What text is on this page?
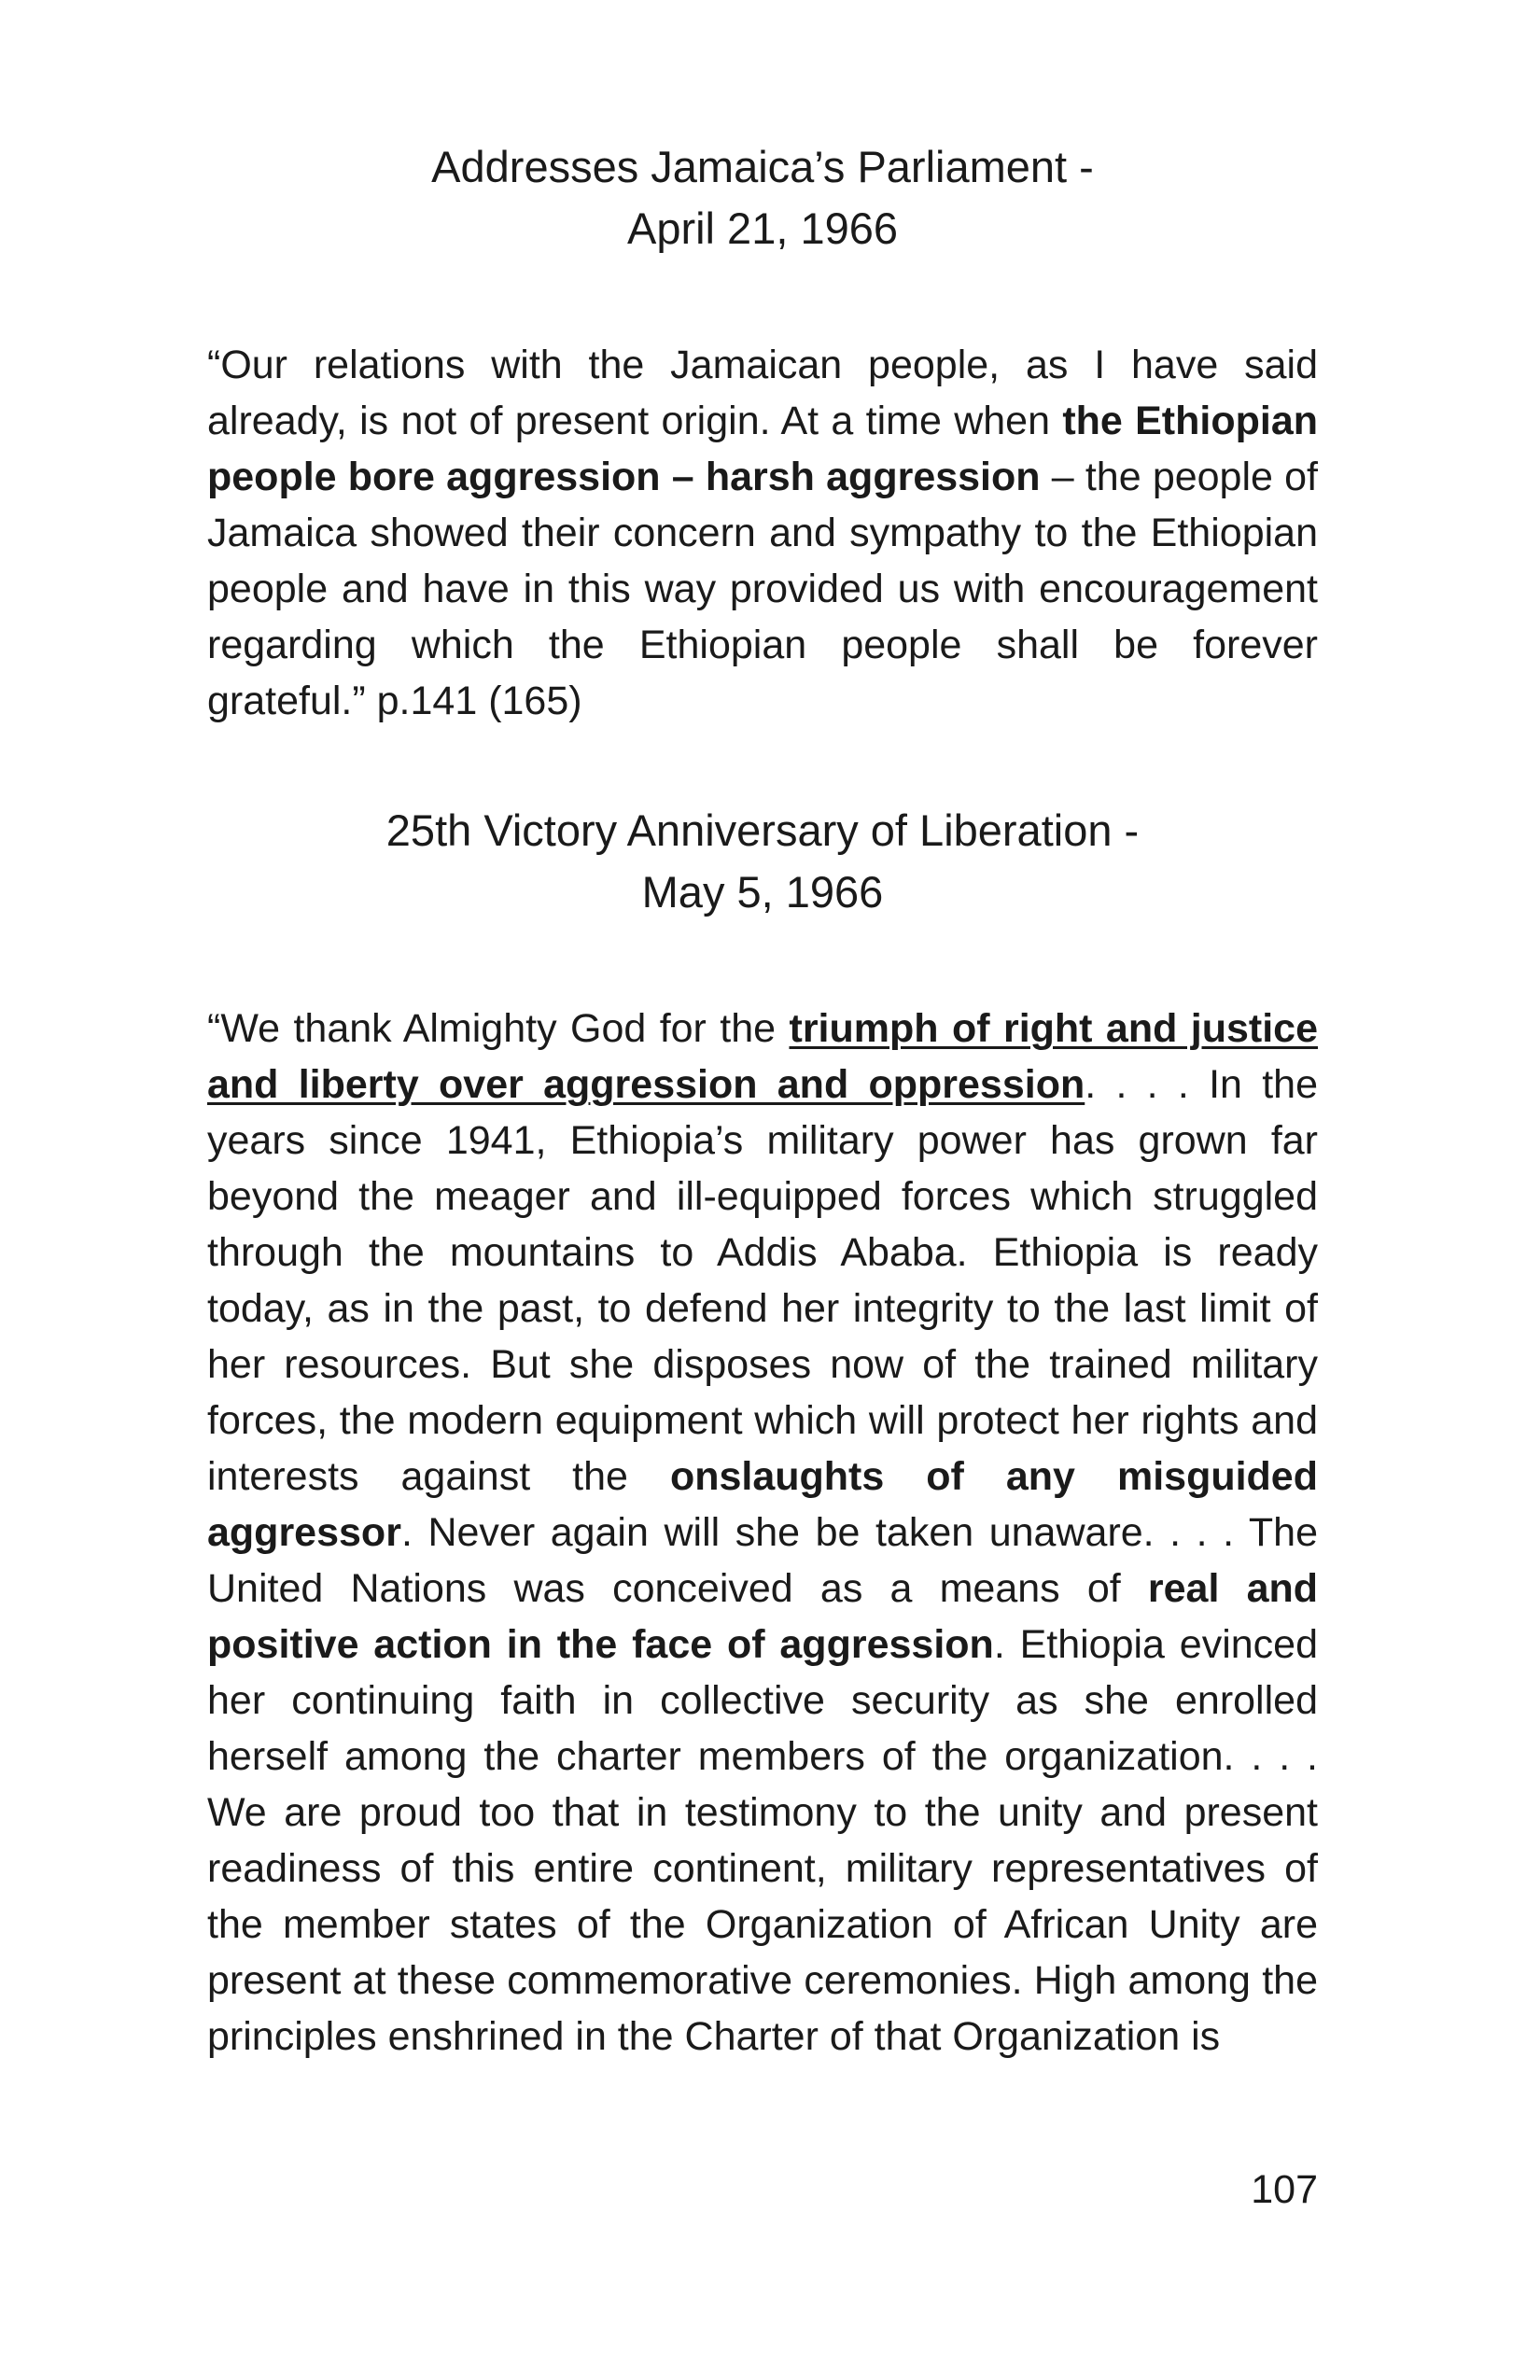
Addresses Jamaica’s Parliament -
April 21, 1966

“Our relations with the Jamaican people, as I have said already, is not of present origin. At a time when the Ethiopian people bore aggression – harsh aggression – the people of Jamaica showed their concern and sympathy to the Ethiopian people and have in this way provided us with encouragement regarding which the Ethiopian people shall be forever grateful.” p.141 (165)

25th Victory Anniversary of Liberation -
May 5, 1966

“We thank Almighty God for the triumph of right and justice and liberty over aggression and oppression. . . . In the years since 1941, Ethiopia’s military power has grown far beyond the meager and ill-equipped forces which struggled through the mountains to Addis Ababa. Ethiopia is ready today, as in the past, to defend her integrity to the last limit of her resources. But she disposes now of the trained military forces, the modern equipment which will protect her rights and interests against the onslaughts of any misguided aggressor. Never again will she be taken unaware. . . . The United Nations was conceived as a means of real and positive action in the face of aggression. Ethiopia evinced her continuing faith in collective security as she enrolled herself among the charter members of the organization. . . . We are proud too that in testimony to the unity and present readiness of this entire continent, military representatives of the member states of the Organization of African Unity are present at these commemorative ceremonies. High among the principles enshrined in the Charter of that Organization is

107
